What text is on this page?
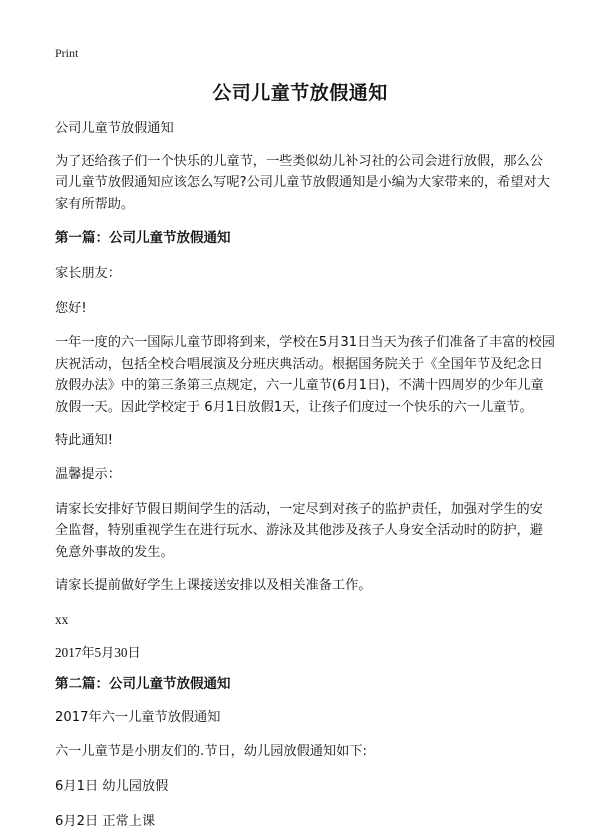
Print
公司儿童节放假通知

公司儿童节放假通知

为了还给孩子们一个快乐的儿童节，一些类似幼儿补习社的公司会进行放假，那么公司儿童节放假通知应该怎么写呢?公司儿童节放假通知是小编为大家带来的，希望对大家有所帮助。

第一篇：公司儿童节放假通知

家长朋友：

您好!

一年一度的六一国际儿童节即将到来，学校在5月31日当天为孩子们准备了丰富的校园庆祝活动，包括全校合唱展演及分班庆典活动。根据国务院关于《全国年节及纪念日放假办法》中的第三条第三点规定，六一儿童节(6月1日)，不满十四周岁的少年儿童放假一天。因此学校定于 6月1日放假1天，让孩子们度过一个快乐的六一儿童节。

特此通知!

温馨提示：

请家长安排好节假日期间学生的活动，一定尽到对孩子的监护责任，加强对学生的安全监督，特别重视学生在进行玩水、游泳及其他涉及孩子人身安全活动时的防护，避免意外事故的发生。

请家长提前做好学生上课接送安排以及相关准备工作。

xx

2017年5月30日

第二篇：公司儿童节放假通知

2017年六一儿童节放假通知

六一儿童节是小朋友们的.节日，幼儿园放假通知如下:

6月1日 幼儿园放假

6月2日 正常上课
